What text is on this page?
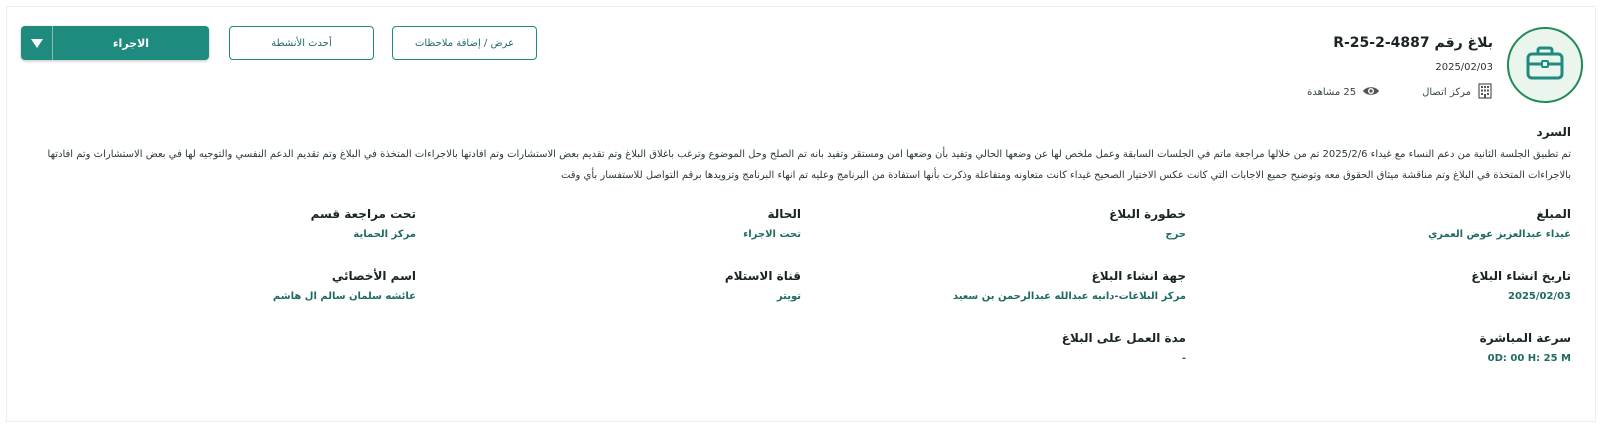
بلاغ رقم R-25-2-4887
2025/02/03
مركز اتصال
25 مشاهدة
الاجراء	أحدث الأنشطة	عرض / إضافة ملاحظات
السرد
تم تطبيق الجلسة الثانية من دعم النساء مع غيداء 2025/2/6 تم من خلالها مراجعة ماتم في الجلسات السابقة وعمل ملخص لها عن وضعها الحالي وتفيد بأن وضعها امن ومستقر وتفيد بانه تم الصلح وحل الموضوع وترغب باغلاق البلاغ وتم تقديم بعض الاستشارات وتم افادتها بالاجراءات المتخذة في البلاغ وتم تقديم الدعم النفسي والتوجيه لها في بعض الاستشارات وتم افادتها بالاجراءات المتخذة في البلاغ وتم مناقشة ميثاق الحقوق معه وتوضيح جميع الاجابات التي كانت عكس الاختيار الصحيح غيداء كانت متعاونه ومتفاعلة وذكرت بأنها استفادة من البرنامج وعليه تم انهاء البرنامج وتزويدها برقم التواصل للاستفسار بأي وقت
المبلغ
غيداء عبدالعزيز عوض العمري
خطورة البلاغ
حرج
الحالة
تحت الاجراء
تحت مراجعة قسم
مركز الحماية
تاريخ انشاء البلاغ
2025/02/03
جهة انشاء البلاغ
مركز البلاغات-دانيه عبدالله عبدالرحمن بن سعيد
قناة الاستلام
تويتر
اسم الأخصائي
عائشه سلمان سالم ال هاشم
سرعة المباشرة
0D: 00 H: 25 M
مدة العمل على البلاغ
-
